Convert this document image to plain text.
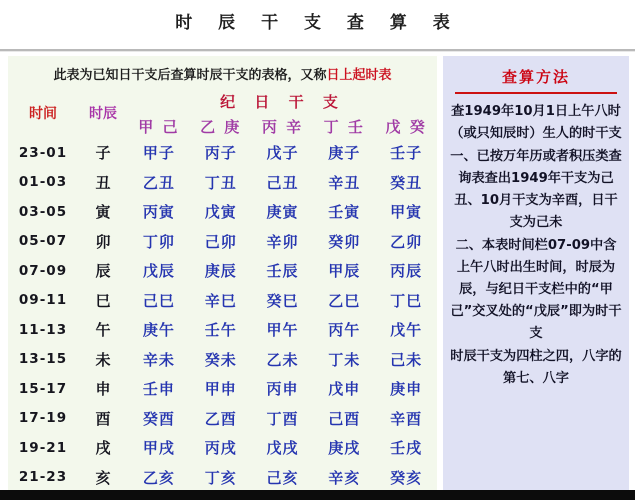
时 辰 干 支 查 算 表
此表为已知日干支后查算时辰干支的表格，又称日上起时表
时间	时辰	纪 日 干 支				
		甲 己	乙 庚	丙 辛	丁 壬	戊 癸
23-01	子	甲子	丙子	戊子	庚子	壬子
01-03	丑	乙丑	丁丑	己丑	辛丑	癸丑
03-05	寅	丙寅	戊寅	庚寅	壬寅	甲寅
05-07	卯	丁卯	己卯	辛卯	癸卯	乙卯
07-09	辰	戊辰	庚辰	壬辰	甲辰	丙辰
09-11	巳	己巳	辛巳	癸巳	乙巳	丁巳
11-13	午	庚午	壬午	甲午	丙午	戊午
13-15	未	辛未	癸未	乙未	丁未	己未
15-17	申	壬申	甲申	丙申	戊申	庚申
17-19	酉	癸酉	乙酉	丁酉	己酉	辛酉
19-21	戌	甲戌	丙戌	戊戌	庚戌	壬戌
21-23	亥	乙亥	丁亥	己亥	辛亥	癸亥
查算方法

查1949年10月1日上午八时（或只知辰时）生人的时干支

一、已按万年历或者积压类查询表查出1949年干支为己丑、10月干支为辛酉，日干支为己未

二、本表时间栏07-09中含上午八时出生时间，时辰为辰，与纪日干支栏中的“甲己”交叉处的“戊辰”即为时干支

时辰干支为四柱之四，八字的第七、八字
